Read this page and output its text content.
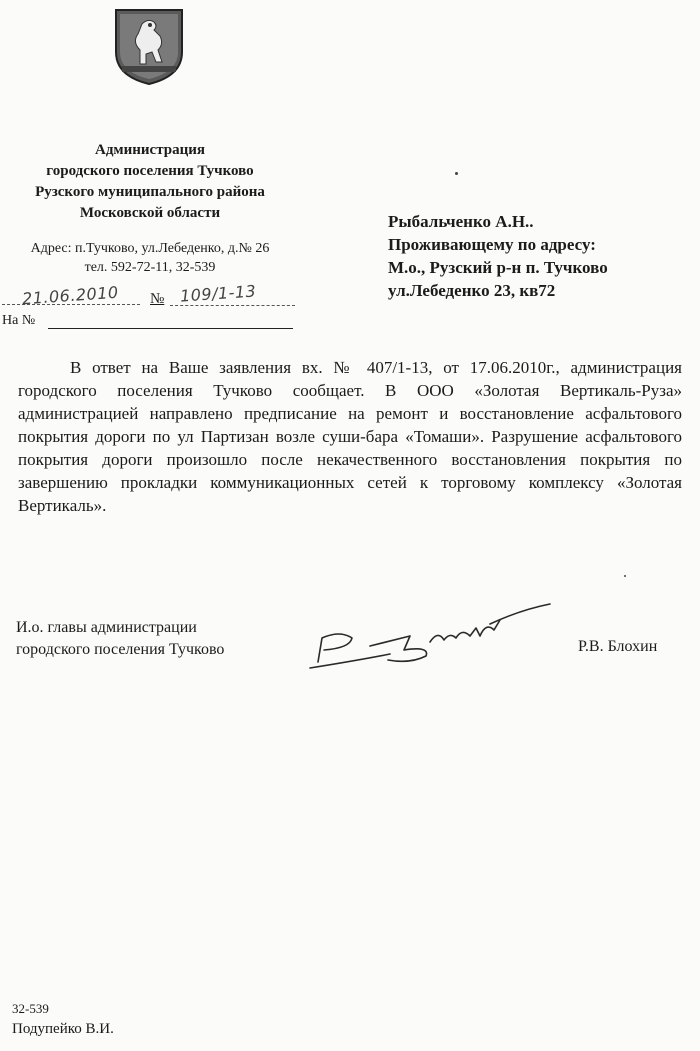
Администрация
городского поселения Тучково
Рузского муниципального района
Московской области
Адрес: п.Тучково, ул.Лебеденко, д.№ 26
тел. 592-72-11, 32-539
21.06.2010 № 109/1-13
На №
Рыбальченко А.Н..
Проживающему по адресу:
М.о., Рузский р-н п. Тучково
ул.Лебеденко 23, кв72
В ответ на Ваше заявления вх. № 407/1-13, от 17.06.2010г., администрация городского поселения Тучково сообщает. В ООО «Золотая Вертикаль-Руза» администрацией направлено предписание на ремонт и восстановление асфальтового покрытия дороги по ул Партизан возле суши-бара «Томаши». Разрушение асфальтового покрытия дороги произошло после некачественного восстановления покрытия по завершению прокладки коммуникационных сетей к торговому комплексу «Золотая Вертикаль».
И.о. главы администрации
городского поселения Тучково	Р.В. Блохин
32-539
Подупейко В.И.
